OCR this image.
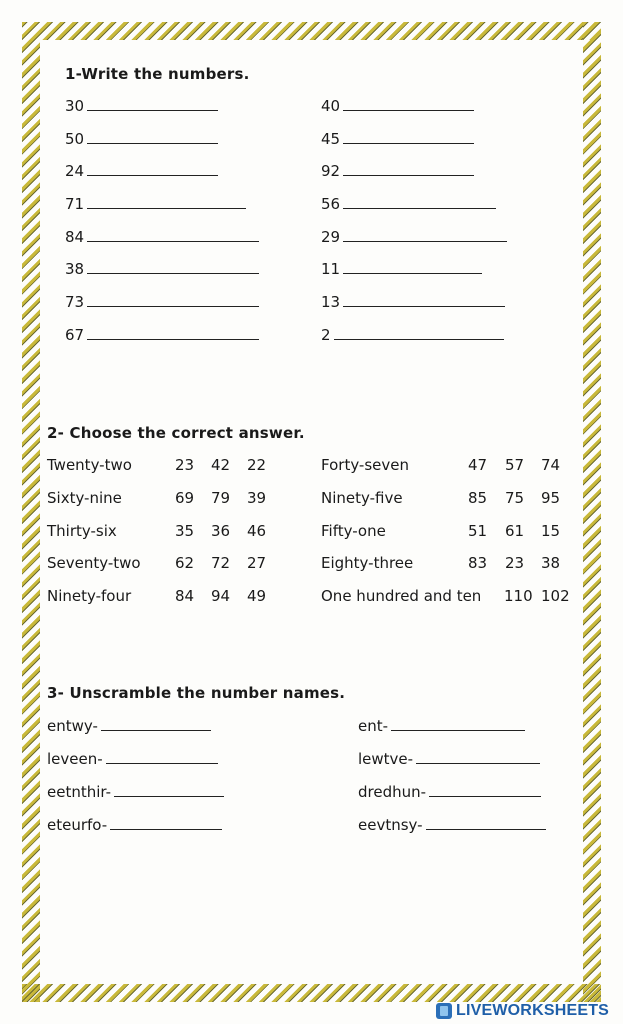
1-Write the numbers.
30
50
24
71
84
38
73
67
40
45
92
56
29
11
13
2
2- Choose the correct answer.
Twenty-two	23 42 22
Sixty-nine	69 79 39
Thirty-six	35 36 46
Seventy-two 62 72 27
Ninety-four	84 94 49
Forty-seven	47 57 74
Ninety-five	85 75 95
Fifty-one	51 61 15
Eighty-three	83 23 38
One hundred and ten 110 102
3- Unscramble the number names.
entwy-
leveen-
eetnthir-
eteurfo-
ent-
lewtve-
dredhun-
eevtnsy-
LIVEWORKSHEETS
